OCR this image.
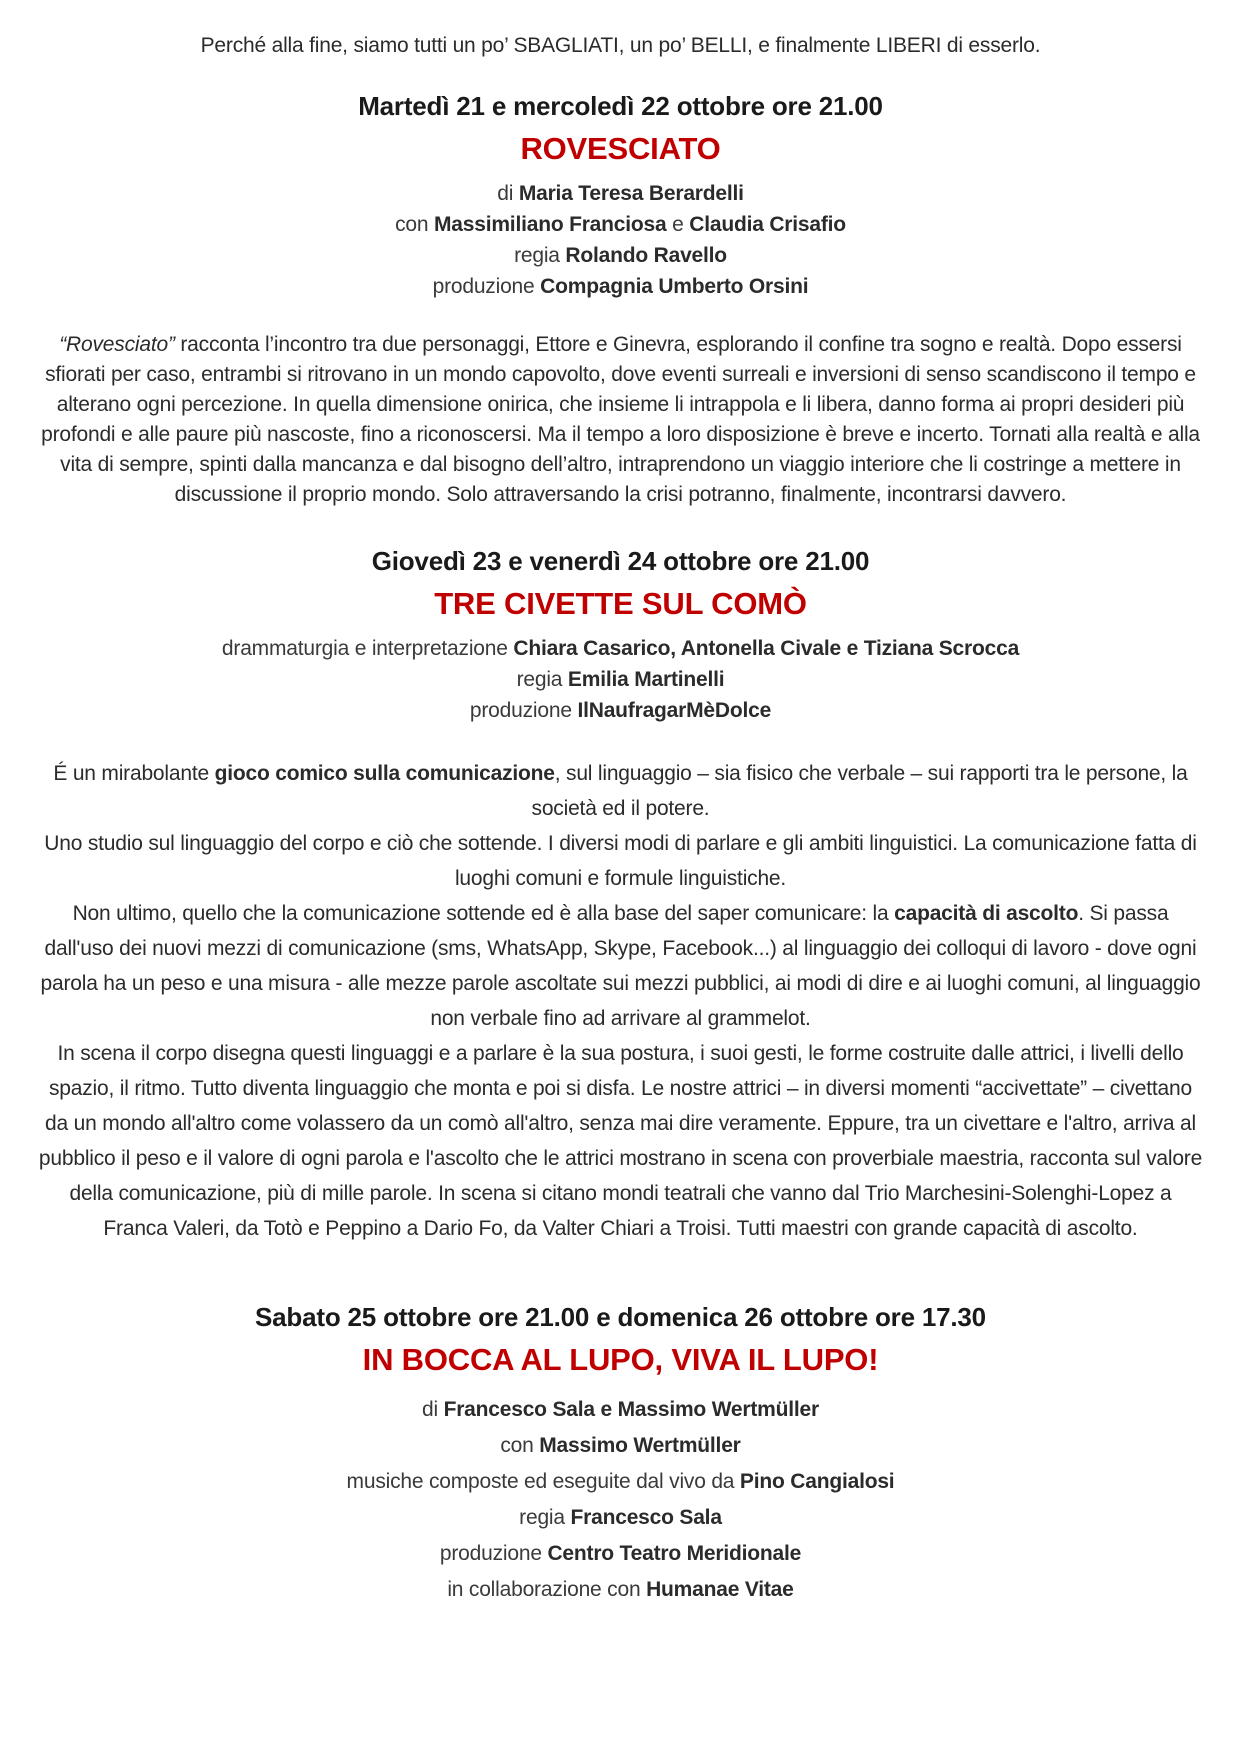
Perché alla fine, siamo tutti un po’ SBAGLIATI, un po’ BELLI, e finalmente LIBERI di esserlo.

Martedì 21 e mercoledì 22 ottobre ore 21.00
ROVESCIATO

di Maria Teresa Berardelli

con Massimiliano Franciosa e Claudia Crisafio

regia Rolando Ravello

produzione Compagnia Umberto Orsini

“Rovesciato” racconta l’incontro tra due personaggi, Ettore e Ginevra, esplorando il confine tra sogno e realtà. Dopo essersi sfiorati per caso, entrambi si ritrovano in un mondo capovolto, dove eventi surreali e inversioni di senso scandiscono il tempo e alterano ogni percezione. In quella dimensione onirica, che insieme li intrappola e li libera, danno forma ai propri desideri più profondi e alle paure più nascoste, fino a riconoscersi. Ma il tempo a loro disposizione è breve e incerto. Tornati alla realtà e alla vita di sempre, spinti dalla mancanza e dal bisogno dell’altro, intraprendono un viaggio interiore che li costringe a mettere in discussione il proprio mondo. Solo attraversando la crisi potranno, finalmente, incontrarsi davvero.

Giovedì 23 e venerdì 24 ottobre ore 21.00
TRE CIVETTE SUL COMÒ

drammaturgia e interpretazione Chiara Casarico, Antonella Civale e Tiziana Scrocca

regia Emilia Martinelli

produzione IlNaufragarMèDolce

É un mirabolante gioco comico sulla comunicazione, sul linguaggio – sia fisico che verbale – sui rapporti tra le persone, la società ed il potere.

Uno studio sul linguaggio del corpo e ciò che sottende. I diversi modi di parlare e gli ambiti linguistici. La comunicazione fatta di luoghi comuni e formule linguistiche.

Non ultimo, quello che la comunicazione sottende ed è alla base del saper comunicare: la capacità di ascolto. Si passa dall'uso dei nuovi mezzi di comunicazione (sms, WhatsApp, Skype, Facebook...) al linguaggio dei colloqui di lavoro - dove ogni parola ha un peso e una misura - alle mezze parole ascoltate sui mezzi pubblici, ai modi di dire e ai luoghi comuni, al linguaggio non verbale fino ad arrivare al grammelot.

In scena il corpo disegna questi linguaggi e a parlare è la sua postura, i suoi gesti, le forme costruite dalle attrici, i livelli dello spazio, il ritmo. Tutto diventa linguaggio che monta e poi si disfa. Le nostre attrici – in diversi momenti “accivettate” – civettano da un mondo all'altro come volassero da un comò all'altro, senza mai dire veramente. Eppure, tra un civettare e l'altro, arriva al pubblico il peso e il valore di ogni parola e l'ascolto che le attrici mostrano in scena con proverbiale maestria, racconta sul valore della comunicazione, più di mille parole. In scena si citano mondi teatrali che vanno dal Trio Marchesini-Solenghi-Lopez a Franca Valeri, da Totò e Peppino a Dario Fo, da Valter Chiari a Troisi. Tutti maestri con grande capacità di ascolto.

Sabato 25 ottobre ore 21.00 e domenica 26 ottobre ore 17.30
IN BOCCA AL LUPO, VIVA IL LUPO!

di Francesco Sala e Massimo Wertmüller

con Massimo Wertmüller

musiche composte ed eseguite dal vivo da Pino Cangialosi

regia Francesco Sala

produzione Centro Teatro Meridionale

in collaborazione con Humanae Vitae
